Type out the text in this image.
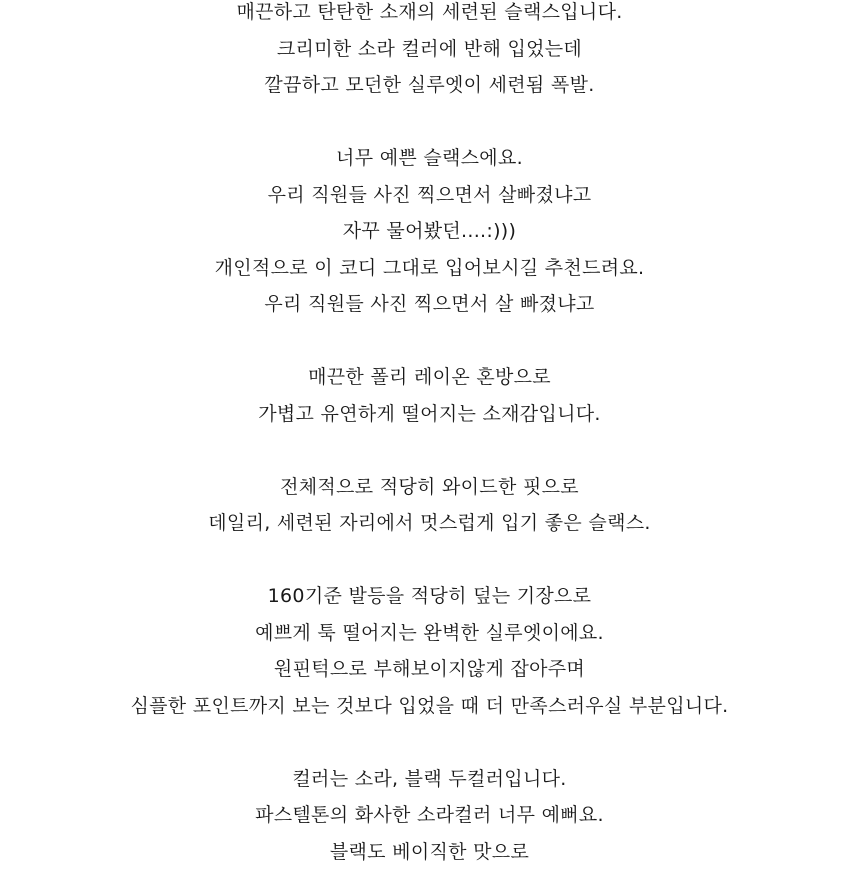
매끈하고 탄탄한 소재의 세련된 슬랙스입니다.
크리미한 소라 컬러에 반해 입었는데
깔끔하고 모던한 실루엣이 세련됨 폭발.
너무 예쁜 슬랙스에요.
우리 직원들 사진 찍으면서 살빠졌냐고
자꾸 물어봤던....:)))
개인적으로 이 코디 그대로 입어보시길 추천드려요.
우리 직원들 사진 찍으면서 살 빠졌냐고
매끈한 폴리 레이온 혼방으로
가볍고 유연하게 떨어지는 소재감입니다.
전체적으로 적당히 와이드한 핏으로
데일리, 세련된 자리에서 멋스럽게 입기 좋은 슬랙스.
160기준 발등을 적당히 덮는 기장으로
예쁘게 툭 떨어지는 완벽한 실루엣이에요.
원핀턱으로 부해보이지않게 잡아주며
심플한 포인트까지 보는 것보다 입었을 때 더 만족스러우실 부분입니다.
컬러는 소라, 블랙 두컬러입니다.
파스텔톤의 화사한 소라컬러 너무 예뻐요.
블랙도 베이직한 맛으로
